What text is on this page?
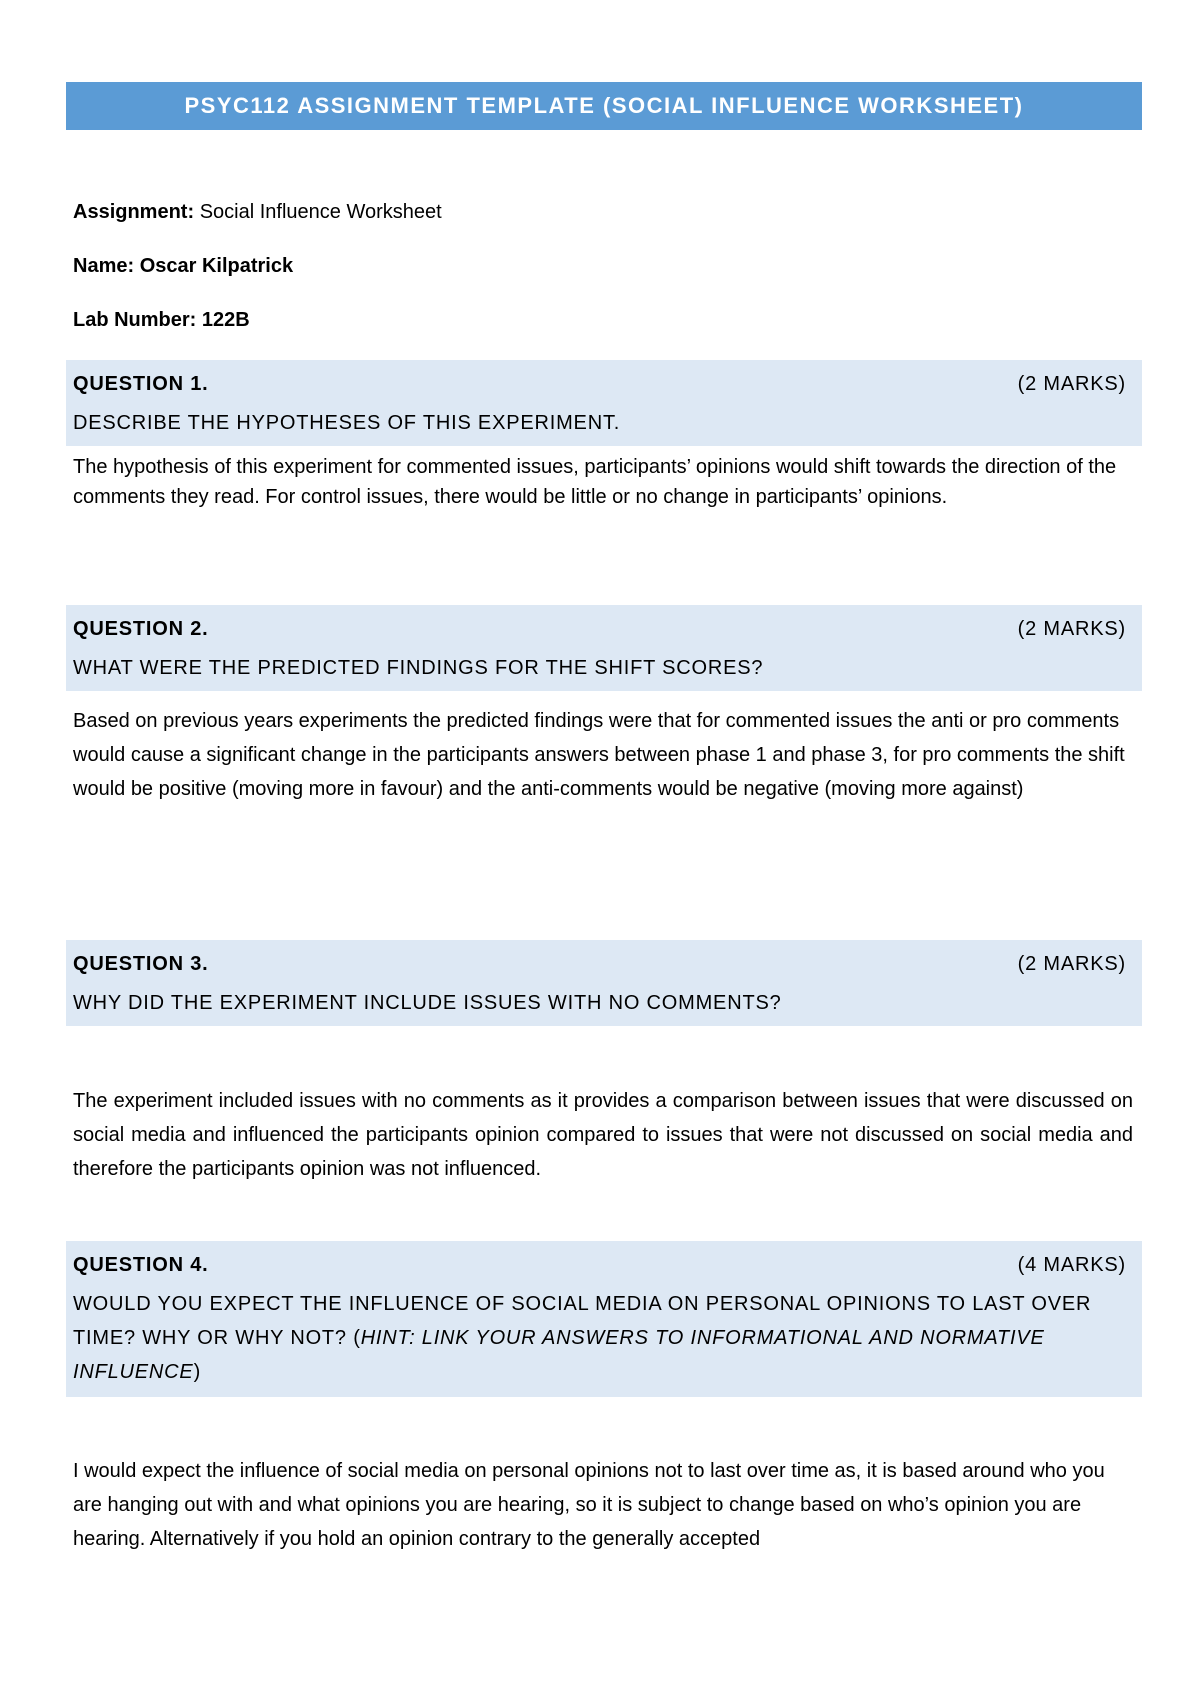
PSYC112 ASSIGNMENT TEMPLATE (SOCIAL INFLUENCE WORKSHEET)
Assignment: Social Influence Worksheet
Name: Oscar Kilpatrick
Lab Number: 122B
QUESTION 1.	(2 MARKS)
DESCRIBE THE HYPOTHESES OF THIS EXPERIMENT.
The hypothesis of this experiment for commented issues, participants’ opinions would shift towards the direction of the comments they read. For control issues, there would be little or no change in participants’ opinions.
QUESTION 2.	(2 MARKS)
WHAT WERE THE PREDICTED FINDINGS FOR THE SHIFT SCORES?
Based on previous years experiments the predicted findings were that for commented issues the anti or pro comments would cause a significant change in the participants answers between phase 1 and phase 3, for pro comments the shift would be positive (moving more in favour) and the anti-comments would be negative (moving more against)
QUESTION 3.	(2 MARKS)
WHY DID THE EXPERIMENT INCLUDE ISSUES WITH NO COMMENTS?
The experiment included issues with no comments as it provides a comparison between issues that were discussed on social media and influenced the participants opinion compared to issues that were not discussed on social media and therefore the participants opinion was not influenced.
QUESTION 4.	(4 MARKS)
WOULD YOU EXPECT THE INFLUENCE OF SOCIAL MEDIA ON PERSONAL OPINIONS TO LAST OVER TIME? WHY OR WHY NOT? (HINT: LINK YOUR ANSWERS TO INFORMATIONAL AND NORMATIVE INFLUENCE)
I would expect the influence of social media on personal opinions not to last over time as, it is based around who you are hanging out with and what opinions you are hearing, so it is subject to change based on who’s opinion you are hearing. Alternatively if you hold an opinion contrary to the generally accepted
